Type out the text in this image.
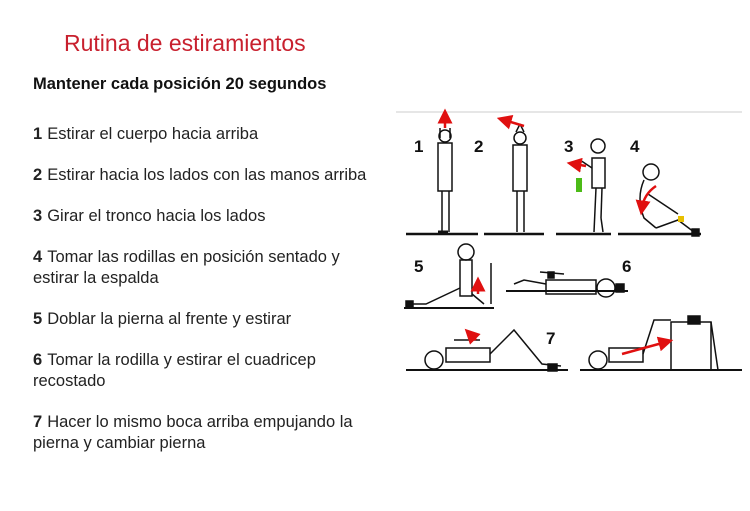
Rutina de estiramientos
Mantener cada posición 20 segundos
1 Estirar el cuerpo hacia arriba
2 Estirar hacia los lados con las manos arriba
3 Girar el tronco hacia los lados
4 Tomar las rodillas en posición sentado y estirar la espalda
5 Doblar la pierna al frente y estirar
6 Tomar la rodilla y estirar el cuadricep recostado
7 Hacer lo mismo boca arriba empujando la pierna y cambiar pierna
1	2	3	4
5	6
7
